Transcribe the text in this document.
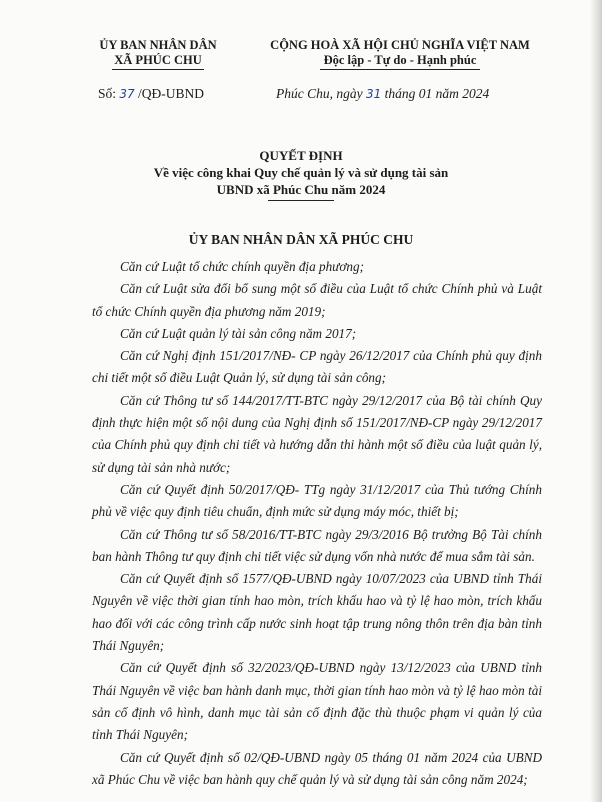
ỦY BAN NHÂN DÂN
XÃ PHÚC CHU
CỘNG HOÀ XÃ HỘI CHỦ NGHĨA VIỆT NAM
Độc lập - Tự do - Hạnh phúc
Số: 37 /QĐ-UBND	Phúc Chu, ngày 31 tháng 01 năm 2024
QUYẾT ĐỊNH
Về việc công khai Quy chế quản lý và sử dụng tài sản
UBND xã Phúc Chu năm 2024
ỦY BAN NHÂN DÂN XÃ PHÚC CHU

Căn cứ Luật tổ chức chính quyền địa phương;

Căn cứ Luật sửa đổi bổ sung một số điều của Luật tổ chức Chính phủ và Luật tổ chức Chính quyền địa phương năm 2019;

Căn cứ Luật quản lý tài sản công năm 2017;

Căn cứ Nghị định 151/2017/NĐ- CP ngày 26/12/2017 của Chính phủ quy định chi tiết một số điều Luật Quản lý, sử dụng tài sản công;

Căn cứ Thông tư số 144/2017/TT-BTC ngày 29/12/2017 của Bộ tài chính Quy định thực hiện một số nội dung của Nghị định số 151/2017/NĐ-CP ngày 29/12/2017 của Chính phủ quy định chi tiết và hướng dẫn thi hành một số điều của luật quản lý, sử dụng tài sản nhà nước;

Căn cứ Quyết định 50/2017/QĐ- TTg ngày 31/12/2017 của Thủ tướng Chính phủ về việc quy định tiêu chuẩn, định mức sử dụng máy móc, thiết bị;

Căn cứ Thông tư số 58/2016/TT-BTC ngày 29/3/2016 Bộ trưởng Bộ Tài chính ban hành Thông tư quy định chi tiết việc sử dụng vốn nhà nước để mua sắm tài sản.

Căn cứ Quyết định số 1577/QĐ-UBND ngày 10/07/2023 của UBND tỉnh Thái Nguyên về việc thời gian tính hao mòn, trích khấu hao và tỷ lệ hao mòn, trích khấu hao đối với các công trình cấp nước sinh hoạt tập trung nông thôn trên địa bàn tỉnh Thái Nguyên;

Căn cứ Quyết định số 32/2023/QĐ-UBND ngày 13/12/2023 của UBND tỉnh Thái Nguyên về việc ban hành danh mục, thời gian tính hao mòn và tỷ lệ hao mòn tài sản cố định vô hình, danh mục tài sản cố định đặc thù thuộc phạm vi quản lý của tỉnh Thái Nguyên;

Căn cứ Quyết định số 02/QĐ-UBND ngày 05 tháng 01 năm 2024 của UBND xã Phúc Chu về việc ban hành quy chế quản lý và sử dụng tài sản công năm 2024;
